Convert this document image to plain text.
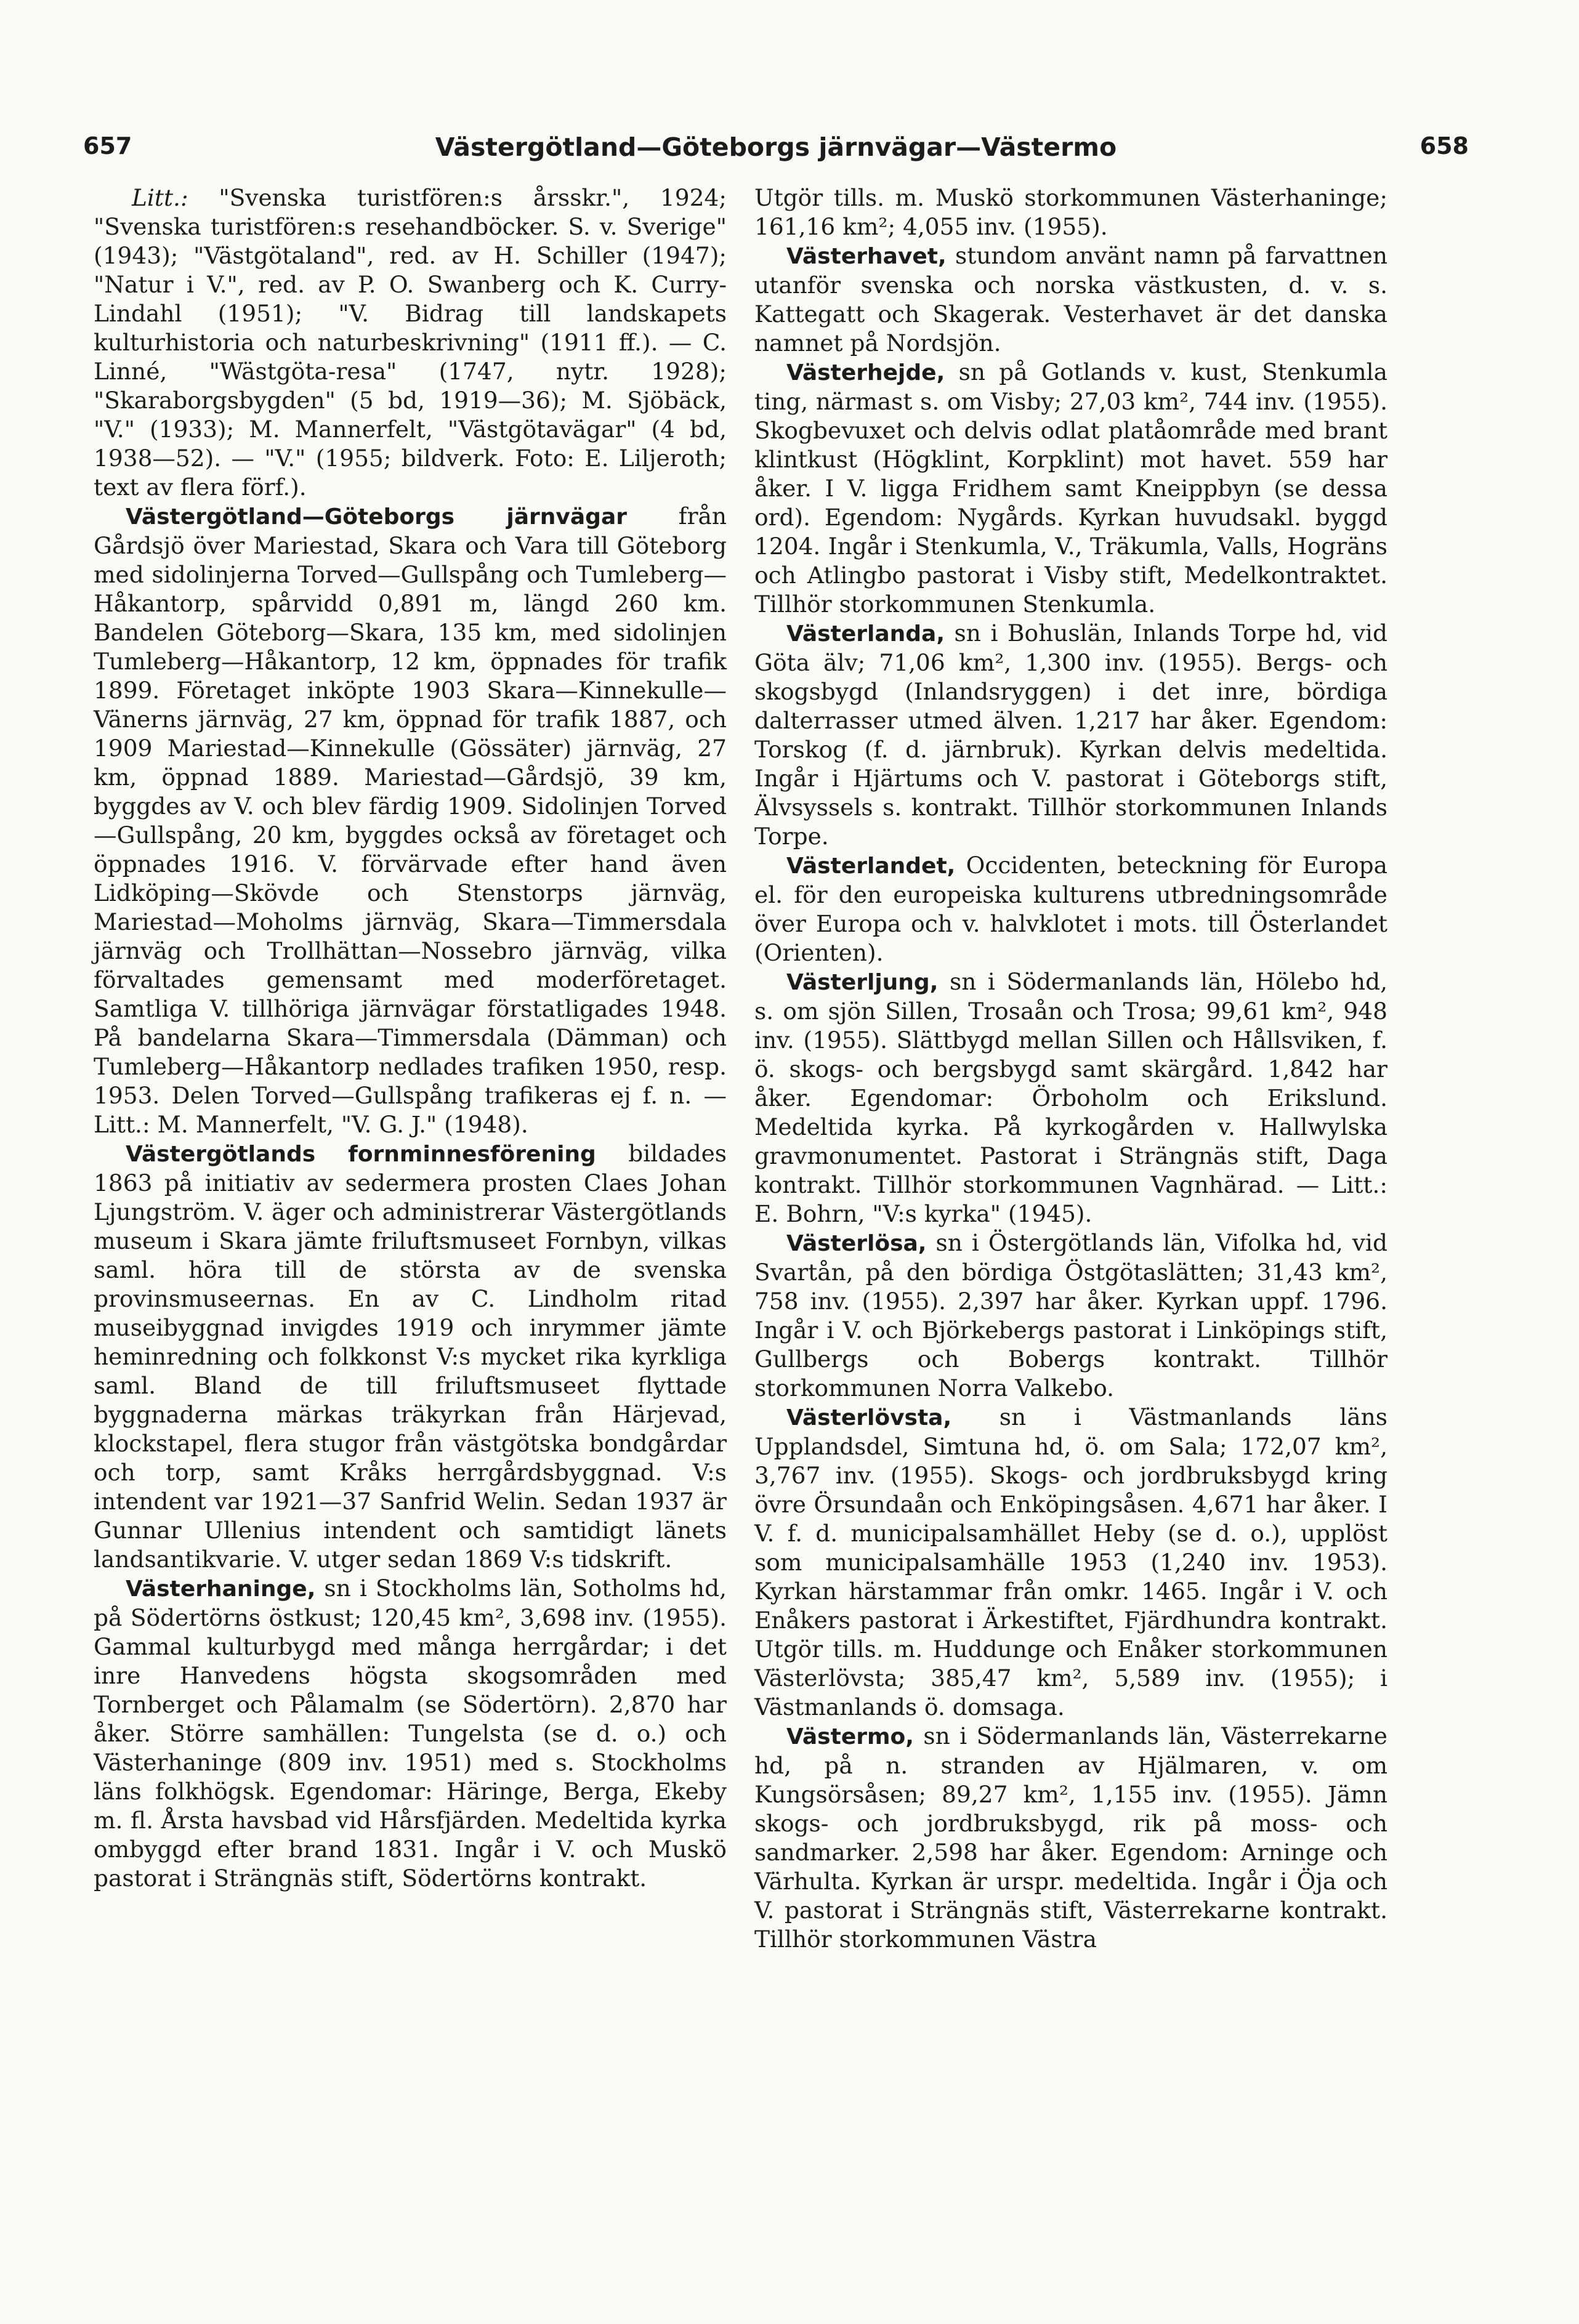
657	Västergötland—Göteborgs järnvägar—Västermo	658

Litt.: "Svenska turistfören:s årsskr.", 1924; "Svenska turistfören:s resehandböcker. S. v. Sverige" (1943); "Västgötaland", red. av H. Schiller (1947); "Natur i V.", red. av P. O. Swanberg och K. Curry-Lindahl (1951); "V. Bidrag till landskapets kulturhistoria och naturbeskrivning" (1911 ff.). — C. Linné, "Wästgöta-resa" (1747, nytr. 1928); "Skaraborgsbygden" (5 bd, 1919—36); M. Sjöbäck, "V." (1933); M. Mannerfelt, "Västgötavägar" (4 bd, 1938—52). — "V." (1955; bildverk. Foto: E. Liljeroth; text av flera förf.).

Västergötland—Göteborgs järnvägar från Gårdsjö över Mariestad, Skara och Vara till Göteborg med sidolinjerna Torved—Gullspång och Tumleberg—Håkantorp, spårvidd 0,891 m, längd 260 km. Bandelen Göteborg—Skara, 135 km, med sidolinjen Tumleberg—Håkantorp, 12 km, öppnades för trafik 1899. Företaget inköpte 1903 Skara—Kinnekulle—Vänerns järnväg, 27 km, öppnad för trafik 1887, och 1909 Mariestad—Kinnekulle (Gössäter) järnväg, 27 km, öppnad 1889. Mariestad—Gårdsjö, 39 km, byggdes av V. och blev färdig 1909. Sidolinjen Torved—Gullspång, 20 km, byggdes också av företaget och öppnades 1916. V. förvärvade efter hand även Lidköping—Skövde och Stenstorps järnväg, Mariestad—Moholms järnväg, Skara—Timmersdala järnväg och Trollhättan—Nossebro järnväg, vilka förvaltades gemensamt med moderföretaget. Samtliga V. tillhöriga järnvägar förstatligades 1948. På bandelarna Skara—Timmersdala (Dämman) och Tumleberg—Håkantorp nedlades trafiken 1950, resp. 1953. Delen Torved—Gullspång trafikeras ej f. n. — Litt.: M. Mannerfelt, "V. G. J." (1948).

Västergötlands fornminnesförening bildades 1863 på initiativ av sedermera prosten Claes Johan Ljungström. V. äger och administrerar Västergötlands museum i Skara jämte friluftsmuseet Fornbyn, vilkas saml. höra till de största av de svenska provinsmuseernas. En av C. Lindholm ritad museibyggnad invigdes 1919 och inrymmer jämte heminredning och folkkonst V:s mycket rika kyrkliga saml. Bland de till friluftsmuseet flyttade byggnaderna märkas träkyrkan från Härjevad, klockstapel, flera stugor från västgötska bondgårdar och torp, samt Kråks herrgårdsbyggnad. V:s intendent var 1921—37 Sanfrid Welin. Sedan 1937 är Gunnar Ullenius intendent och samtidigt länets landsantikvarie. V. utger sedan 1869 V:s tidskrift.

Västerhaninge, sn i Stockholms län, Sotholms hd, på Södertörns östkust; 120,45 km², 3,698 inv. (1955). Gammal kulturbygd med många herrgårdar; i det inre Hanvedens högsta skogsområden med Tornberget och Pålamalm (se Södertörn). 2,870 har åker. Större samhällen: Tungelsta (se d. o.) och Västerhaninge (809 inv. 1951) med s. Stockholms läns folkhögsk. Egendomar: Häringe, Berga, Ekeby m. fl. Årsta havsbad vid Hårsfjärden. Medeltida kyrka ombyggd efter brand 1831. Ingår i V. och Muskö pastorat i Strängnäs stift, Södertörns kontrakt.

Utgör tills. m. Muskö storkommunen Västerhaninge; 161,16 km²; 4,055 inv. (1955).

Västerhavet, stundom använt namn på farvattnen utanför svenska och norska västkusten, d. v. s. Kattegatt och Skagerak. Vesterhavet är det danska namnet på Nordsjön.

Västerhejde, sn på Gotlands v. kust, Stenkumla ting, närmast s. om Visby; 27,03 km², 744 inv. (1955). Skogbevuxet och delvis odlat platåområde med brant klintkust (Högklint, Korpklint) mot havet. 559 har åker. I V. ligga Fridhem samt Kneippbyn (se dessa ord). Egendom: Nygårds. Kyrkan huvudsakl. byggd 1204. Ingår i Stenkumla, V., Träkumla, Valls, Hogräns och Atlingbo pastorat i Visby stift, Medelkontraktet. Tillhör storkommunen Stenkumla.

Västerlanda, sn i Bohuslän, Inlands Torpe hd, vid Göta älv; 71,06 km², 1,300 inv. (1955). Bergs- och skogsbygd (Inlandsryggen) i det inre, bördiga dalterrasser utmed älven. 1,217 har åker. Egendom: Torskog (f. d. järnbruk). Kyrkan delvis medeltida. Ingår i Hjärtums och V. pastorat i Göteborgs stift, Älvsyssels s. kontrakt. Tillhör storkommunen Inlands Torpe.

Västerlandet, Occidenten, beteckning för Europa el. för den europeiska kulturens utbredningsområde över Europa och v. halvklotet i mots. till Österlandet (Orienten).

Västerljung, sn i Södermanlands län, Hölebo hd, s. om sjön Sillen, Trosaån och Trosa; 99,61 km², 948 inv. (1955). Slättbygd mellan Sillen och Hållsviken, f. ö. skogs- och bergsbygd samt skärgård. 1,842 har åker. Egendomar: Örboholm och Erikslund. Medeltida kyrka. På kyrkogården v. Hallwylska gravmonumentet. Pastorat i Strängnäs stift, Daga kontrakt. Tillhör storkommunen Vagnhärad. — Litt.: E. Bohrn, "V:s kyrka" (1945).

Västerlösa, sn i Östergötlands län, Vifolka hd, vid Svartån, på den bördiga Östgötaslätten; 31,43 km², 758 inv. (1955). 2,397 har åker. Kyrkan uppf. 1796. Ingår i V. och Björkebergs pastorat i Linköpings stift, Gullbergs och Bobergs kontrakt. Tillhör storkommunen Norra Valkebo.

Västerlövsta, sn i Västmanlands läns Upplandsdel, Simtuna hd, ö. om Sala; 172,07 km², 3,767 inv. (1955). Skogs- och jordbruksbygd kring övre Örsundaån och Enköpingsåsen. 4,671 har åker. I V. f. d. municipalsamhället Heby (se d. o.), upplöst som municipalsamhälle 1953 (1,240 inv. 1953). Kyrkan härstammar från omkr. 1465. Ingår i V. och Enåkers pastorat i Ärkestiftet, Fjärdhundra kontrakt. Utgör tills. m. Huddunge och Enåker storkommunen Västerlövsta; 385,47 km², 5,589 inv. (1955); i Västmanlands ö. domsaga.

Västermo, sn i Södermanlands län, Västerrekarne hd, på n. stranden av Hjälmaren, v. om Kungsörsåsen; 89,27 km², 1,155 inv. (1955). Jämn skogs- och jordbruksbygd, rik på moss- och sandmarker. 2,598 har åker. Egendom: Arninge och Värhulta. Kyrkan är urspr. medeltida. Ingår i Öja och V. pastorat i Strängnäs stift, Västerrekarne kontrakt. Tillhör storkommunen Västra
